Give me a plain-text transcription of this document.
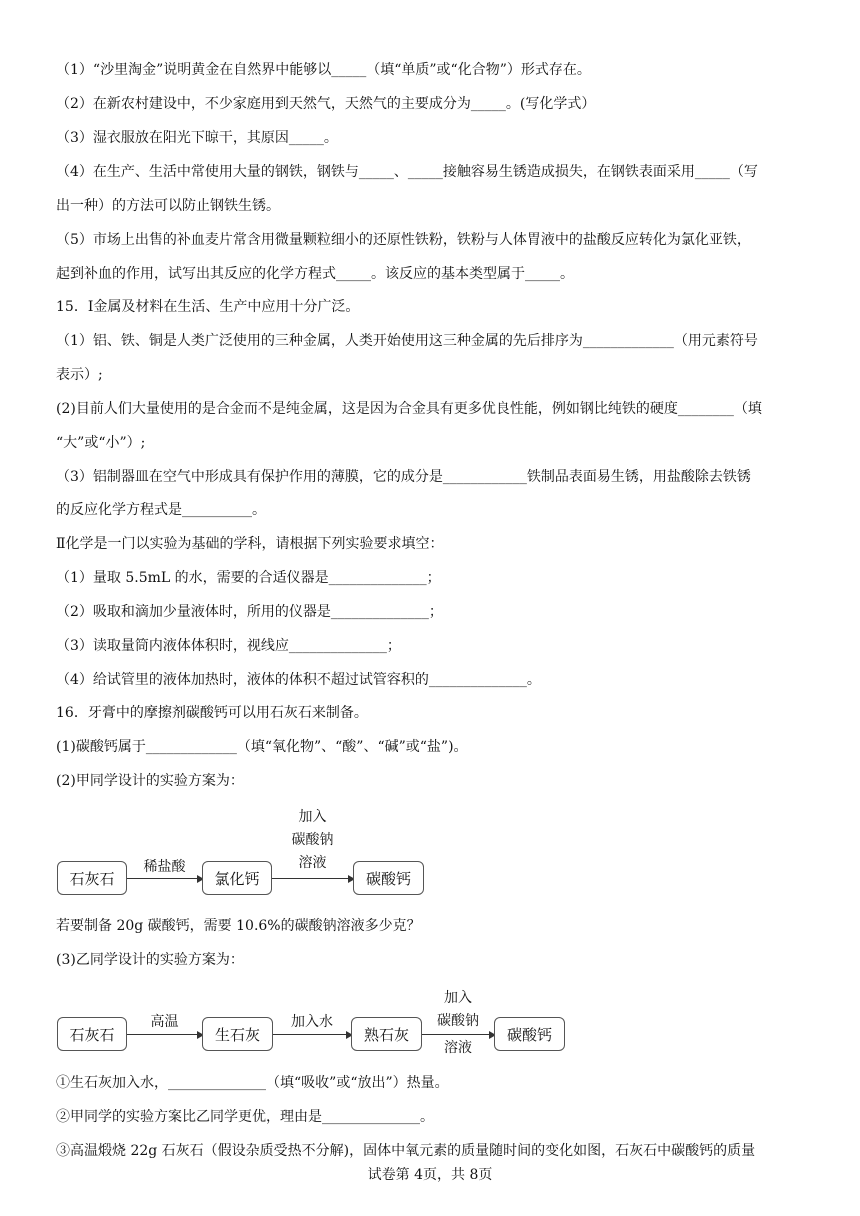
（1）“沙里淘金”说明黄金在自然界中能够以_____（填“单质”或“化合物”）形式存在。
（2）在新农村建设中，不少家庭用到天然气，天然气的主要成分为_____。(写化学式）
（3）湿衣服放在阳光下晾干，其原因_____。
（4）在生产、生活中常使用大量的钢铁，钢铁与_____、_____接触容易生锈造成损失，在钢铁表面采用_____（写
出一种）的方法可以防止钢铁生锈。
（5）市场上出售的补血麦片常含用微量颗粒细小的还原性铁粉，铁粉与人体胃液中的盐酸反应转化为氯化亚铁，
起到补血的作用，试写出其反应的化学方程式_____。该反应的基本类型属于_____。
15．Ⅰ金属及材料在生活、生产中应用十分广泛。
（1）铝、铁、铜是人类广泛使用的三种金属，人类开始使用这三种金属的先后排序为_____________（用元素符号
表示）;
(2)目前人们大量使用的是合金而不是纯金属，这是因为合金具有更多优良性能，例如钢比纯铁的硬度________（填
“大”或“小”）;
（3）铝制器皿在空气中形成具有保护作用的薄膜，它的成分是____________铁制品表面易生锈，用盐酸除去铁锈
的反应化学方程式是__________。
Ⅱ化学是一门以实验为基础的学科，请根据下列实验要求填空：
（1）量取 5.5mL 的水，需要的合适仪器是______________；
（2）吸取和滴加少量液体时，所用的仪器是______________；
（3）读取量筒内液体体积时，视线应______________；
（4）给试管里的液体加热时，液体的体积不超过试管容积的______________。
16．牙膏中的摩擦剂碳酸钙可以用石灰石来制备。
(1)碳酸钙属于_____________（填“氧化物”、“酸”、“碱”或“盐”)。
(2)甲同学设计的实验方案为：
石灰石
稀盐酸
氯化钙
加入
碳酸钠
溶液
碳酸钙
若要制备 20g 碳酸钙，需要 10.6%的碳酸钠溶液多少克？
(3)乙同学设计的实验方案为：
石灰石
高温
生石灰
加入水
熟石灰
加入
碳酸钠
溶液
碳酸钙
①生石灰加入水，______________（填“吸收”或“放出”）热量。
②甲同学的实验方案比乙同学更优，理由是______________。
③高温煅烧 22g 石灰石（假设杂质受热不分解)，固体中氧元素的质量随时间的变化如图，石灰石中碳酸钙的质量
试卷第 4页，共 8页
